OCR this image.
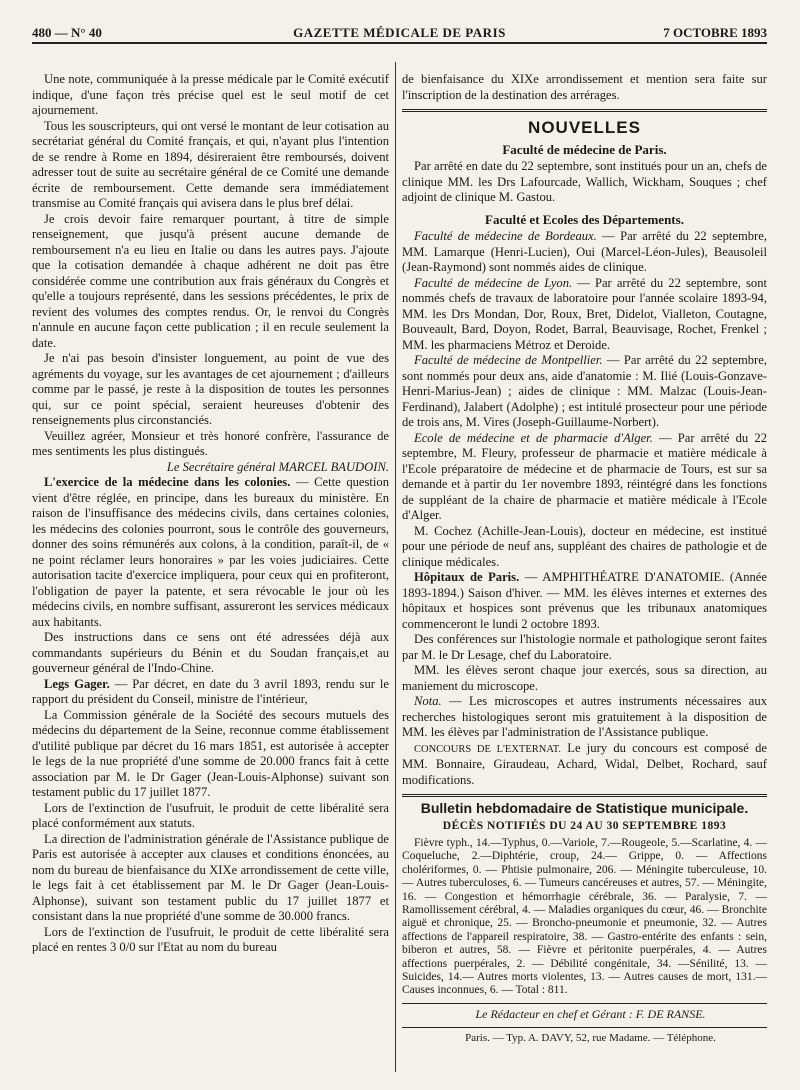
480 — N° 40	GAZETTE MÉDICALE DE PARIS	7 OCTOBRE 1893

Une note, communiquée à la presse médicale par le Comité exécutif indique, d'une façon très précise quel est le seul motif de cet ajournement.

Tous les souscripteurs, qui ont versé le montant de leur cotisation au secrétariat général du Comité français, et qui, n'ayant plus l'intention de se rendre à Rome en 1894, désireraient être remboursés, doivent adresser tout de suite au secrétaire général de ce Comité une demande écrite de remboursement. Cette demande sera immédiatement transmise au Comité français qui avisera dans le plus bref délai.

Je crois devoir faire remarquer pourtant, à titre de simple renseignement, que jusqu'à présent aucune demande de remboursement n'a eu lieu en Italie ou dans les autres pays. J'ajoute que la cotisation demandée à chaque adhérent ne doit pas être considérée comme une contribution aux frais généraux du Congrès et qu'elle a toujours représenté, dans les sessions précédentes, le prix de revient des volumes des comptes rendus. Or, le renvoi du Congrès n'annule en aucune façon cette publication ; il en recule seulement la date.

Je n'ai pas besoin d'insister longuement, au point de vue des agréments du voyage, sur les avantages de cet ajournement ; d'ailleurs comme par le passé, je reste à la disposition de toutes les personnes qui, sur ce point spécial, seraient heureuses d'obtenir des renseignements plus circonstanciés.

Veuillez agréer, Monsieur et très honoré confrère, l'assurance de mes sentiments les plus distingués.

Le Secrétaire général MARCEL BAUDOIN.

L'exercice de la médecine dans les colonies. — Cette question vient d'être réglée, en principe, dans les bureaux du ministère. En raison de l'insuffisance des médecins civils, dans certaines colonies, les médecins des colonies pourront, sous le contrôle des gouverneurs, donner des soins rémunérés aux colons, à la condition, paraît-il, de « ne point réclamer leurs honoraires » par les voies judiciaires. Cette autorisation tacite d'exercice impliquera, pour ceux qui en profiteront, l'obligation de payer la patente, et sera révocable le jour où les médecins civils, en nombre suffisant, assureront les services médicaux aux habitants.

Des instructions dans ce sens ont été adressées déjà aux commandants supérieurs du Bénin et du Soudan français,et au gouverneur général de l'Indo-Chine.

Legs Gager. — Par décret, en date du 3 avril 1893, rendu sur le rapport du président du Conseil, ministre de l'intérieur,

La Commission générale de la Société des secours mutuels des médecins du département de la Seine, reconnue comme établissement d'utilité publique par décret du 16 mars 1851, est autorisée à accepter le legs de la nue propriété d'une somme de 20.000 francs fait à cette association par M. le Dr Gager (Jean-Louis-Alphonse) suivant son testament public du 17 juillet 1877.

Lors de l'extinction de l'usufruit, le produit de cette libéralité sera placé conformément aux statuts.

La direction de l'administration générale de l'Assistance publique de Paris est autorisée à accepter aux clauses et conditions énoncées, au nom du bureau de bienfaisance du XIXe arrondissement de cette ville, le legs fait à cet établissement par M. le Dr Gager (Jean-Louis-Alphonse), suivant son testament public du 17 juillet 1877 et consistant dans la nue propriété d'une somme de 30.000 francs.

Lors de l'extinction de l'usufruit, le produit de cette libéralité sera placé en rentes 3 0/0 sur l'Etat au nom du bureau

de bienfaisance du XIXe arrondissement et mention sera faite sur l'inscription de la destination des arrérages.

NOUVELLES
Faculté de médecine de Paris.

Par arrêté en date du 22 septembre, sont institués pour un an, chefs de clinique MM. les Drs Lafourcade, Wallich, Wickham, Souques ; chef adjoint de clinique M. Gastou.

Faculté et Ecoles des Départements.

Faculté de médecine de Bordeaux. — Par arrêté du 22 septembre, MM. Lamarque (Henri-Lucien), Oui (Marcel-Léon-Jules), Beausoleil (Jean-Raymond) sont nommés aides de clinique.

Faculté de médecine de Lyon. — Par arrêté du 22 septembre, sont nommés chefs de travaux de laboratoire pour l'année scolaire 1893-94, MM. les Drs Mondan, Dor, Roux, Bret, Didelot, Vialleton, Coutagne, Bouveault, Bard, Doyon, Rodet, Barral, Beauvisage, Rochet, Frenkel ; MM. les pharmaciens Métroz et Deroide.

Faculté de médecine de Montpellier. — Par arrêté du 22 septembre, sont nommés pour deux ans, aide d'anatomie : M. Ilié (Louis-Gonzave-Henri-Marius-Jean) ; aides de clinique : MM. Malzac (Louis-Jean-Ferdinand), Jalabert (Adolphe) ; est intitulé prosecteur pour une période de trois ans, M. Vires (Joseph-Guillaume-Norbert).

Ecole de médecine et de pharmacie d'Alger. — Par arrêté du 22 septembre, M. Fleury, professeur de pharmacie et matière médicale à l'Ecole préparatoire de médecine et de pharmacie de Tours, est sur sa demande et à partir du 1er novembre 1893, réintégré dans les fonctions de suppléant de la chaire de pharmacie et matière médicale à l'Ecole d'Alger.

M. Cochez (Achille-Jean-Louis), docteur en médecine, est institué pour une période de neuf ans, suppléant des chaires de pathologie et de clinique médicales.

Hôpitaux de Paris. — AMPHITHÉATRE D'ANATOMIE. (Année 1893-1894.) Saison d'hiver. — MM. les élèves internes et externes des hôpitaux et hospices sont prévenus que les tribunaux anatomiques commenceront le lundi 2 octobre 1893.

Des conférences sur l'histologie normale et pathologique seront faites par M. le Dr Lesage, chef du Laboratoire.

MM. les élèves seront chaque jour exercés, sous sa direction, au maniement du microscope.

Nota. — Les microscopes et autres instruments nécessaires aux recherches histologiques seront mis gratuitement à la disposition de MM. les élèves par l'administration de l'Assistance publique.

CONCOURS DE L'EXTERNAT. Le jury du concours est composé de MM. Bonnaire, Giraudeau, Achard, Widal, Delbet, Rochard, sauf modifications.

Bulletin hebdomadaire de Statistique municipale.
DÉCÈS NOTIFIÉS DU 24 AU 30 SEPTEMBRE 1893

Fièvre typh., 14.—Typhus, 0.—Variole, 7.—Rougeole, 5.—Scarlatine, 4. — Coqueluche, 2.—Diphtérie, croup, 24.— Grippe, 0. — Affections cholériformes, 0. — Phtisie pulmonaire, 206. — Méningite tuberculeuse, 10. — Autres tuberculoses, 6. — Tumeurs cancéreuses et autres, 57. — Méningite, 16. — Congestion et hémorrhagie cérébrale, 36. — Paralysie, 7. — Ramollissement cérébral, 4. — Maladies organiques du cœur, 46. — Bronchite aiguë et chronique, 25. — Broncho-pneumonie et pneumonie, 32. — Autres affections de l'appareil respiratoire, 38. — Gastro-entérite des enfants : sein, biberon et autres, 58. — Fièvre et péritonite puerpérales, 4. — Autres affections puerpérales, 2. — Débilité congénitale, 34. —Sénilité, 13. — Suicides, 14.— Autres morts violentes, 13. — Autres causes de mort, 131.— Causes inconnues, 6. — Total : 811.

Le Rédacteur en chef et Gérant : F. DE RANSE.

Paris. — Typ. A. DAVY, 52, rue Madame. — Téléphone.
